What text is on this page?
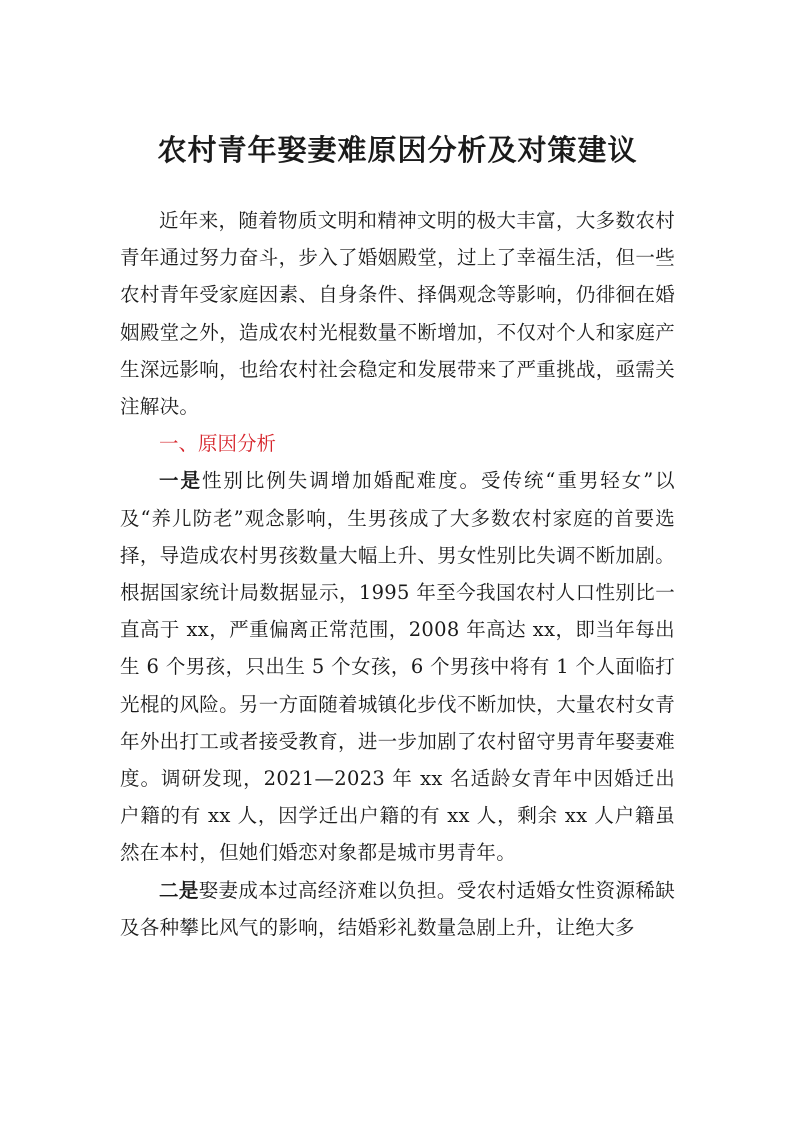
农村青年娶妻难原因分析及对策建议

近年来，随着物质文明和精神文明的极大丰富，大多数农村青年通过努力奋斗，步入了婚姻殿堂，过上了幸福生活，但一些农村青年受家庭因素、自身条件、择偶观念等影响，仍徘徊在婚姻殿堂之外，造成农村光棍数量不断增加，不仅对个人和家庭产生深远影响，也给农村社会稳定和发展带来了严重挑战，亟需关注解决。

一、原因分析

一是性别比例失调增加婚配难度。受传统“重男轻女”以及“养儿防老”观念影响，生男孩成了大多数农村家庭的首要选择，导造成农村男孩数量大幅上升、男女性别比失调不断加剧。根据国家统计局数据显示，1995 年至今我国农村人口性别比一直高于 xx，严重偏离正常范围，2008 年高达 xx，即当年每出生 6 个男孩，只出生 5 个女孩，6 个男孩中将有 1 个人面临打光棍的风险。另一方面随着城镇化步伐不断加快，大量农村女青年外出打工或者接受教育，进一步加剧了农村留守男青年娶妻难度。调研发现，2021—2023 年 xx 名适龄女青年中因婚迁出户籍的有 xx 人，因学迁出户籍的有 xx 人，剩余 xx 人户籍虽然在本村，但她们婚恋对象都是城市男青年。

二是娶妻成本过高经济难以负担。受农村适婚女性资源稀缺及各种攀比风气的影响，结婚彩礼数量急剧上升，让绝大多
